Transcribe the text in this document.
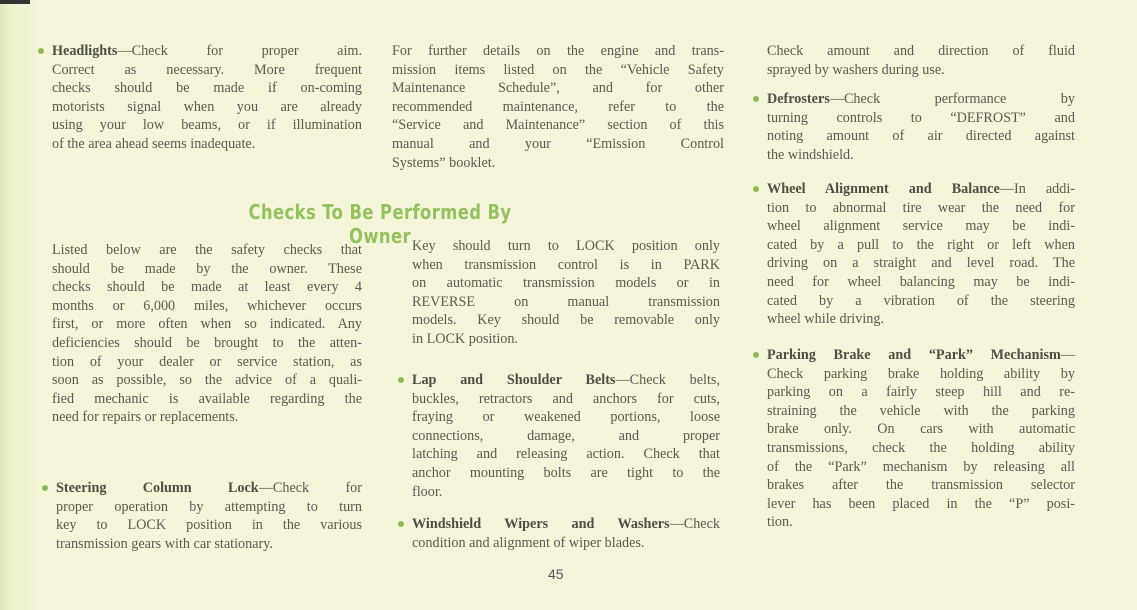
Checks To Be Performed By Owner
Headlights—Check for proper aim.
Correct as necessary. More frequent
checks should be made if on-coming
motorists signal when you are already
using your low beams, or if illumination
of the area ahead seems inadequate.
Listed below are the safety checks that
should be made by the owner. These
checks should be made at least every 4
months or 6,000 miles, whichever occurs
first, or more often when so indicated. Any
deficiencies should be brought to the atten-
tion of your dealer or service station, as
soon as possible, so the advice of a quali-
fied mechanic is available regarding the
need for repairs or replacements.
Steering Column Lock—Check for
proper operation by attempting to turn
key to LOCK position in the various
transmission gears with car stationary.
For further details on the engine and trans-
mission items listed on the “Vehicle Safety
Maintenance Schedule”, and for other
recommended maintenance, refer to the
“Service and Maintenance” section of this
manual and your “Emission Control
Systems” booklet.
Key should turn to LOCK position only
when transmission control is in PARK
on automatic transmission models or in
REVERSE on manual transmission
models. Key should be removable only
in LOCK position.
Lap and Shoulder Belts—Check belts,
buckles, retractors and anchors for cuts,
fraying or weakened portions, loose
connections, damage, and proper
latching and releasing action. Check that
anchor mounting bolts are tight to the
floor.
Windshield Wipers and Washers—Check
condition and alignment of wiper blades.
Check amount and direction of fluid
sprayed by washers during use.
Defrosters—Check performance by
turning controls to “DEFROST” and
noting amount of air directed against
the windshield.
Wheel Alignment and Balance—In addi-
tion to abnormal tire wear the need for
wheel alignment service may be indi-
cated by a pull to the right or left when
driving on a straight and level road. The
need for wheel balancing may be indi-
cated by a vibration of the steering
wheel while driving.
Parking Brake and “Park” Mechanism—
Check parking brake holding ability by
parking on a fairly steep hill and re-
straining the vehicle with the parking
brake only. On cars with automatic
transmissions, check the holding ability
of the “Park” mechanism by releasing all
brakes after the transmission selector
lever has been placed in the “P” posi-
tion.
45
